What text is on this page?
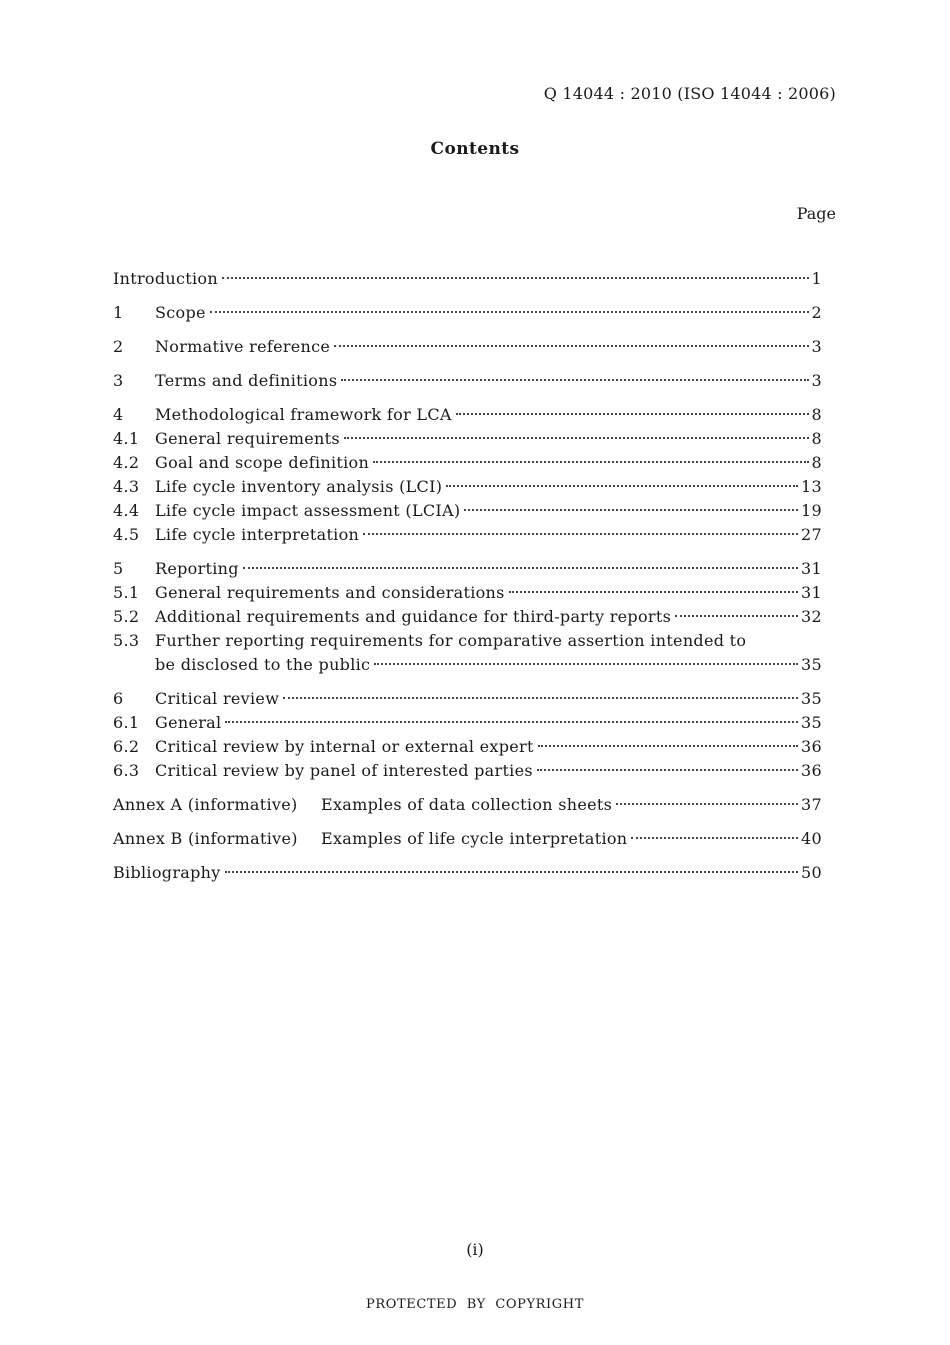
Q 14044 : 2010 (ISO 14044 : 2006)
Contents
Page
Introduction	1
1	Scope	2
2	Normative reference	3
3	Terms and definitions	3
4	Methodological framework for LCA	8
4.1 General requirements	8
4.2 Goal and scope definition	8
4.3 Life cycle inventory analysis (LCI)	13
4.4 Life cycle impact assessment (LCIA)	19
4.5 Life cycle interpretation	27
5	Reporting	31
5.1 General requirements and considerations	31
5.2 Additional requirements and guidance for third-party reports	32
5.3 Further reporting requirements for comparative assertion intended to
be disclosed to the public	35
6	Critical review	35
6.1 General	35
6.2 Critical review by internal or external expert	36
6.3 Critical review by panel of interested parties	36
Annex A (informative)	Examples of data collection sheets	37
Annex B (informative)	Examples of life cycle interpretation	40
Bibliography	50
(i)
PROTECTED  BY  COPYRIGHT
